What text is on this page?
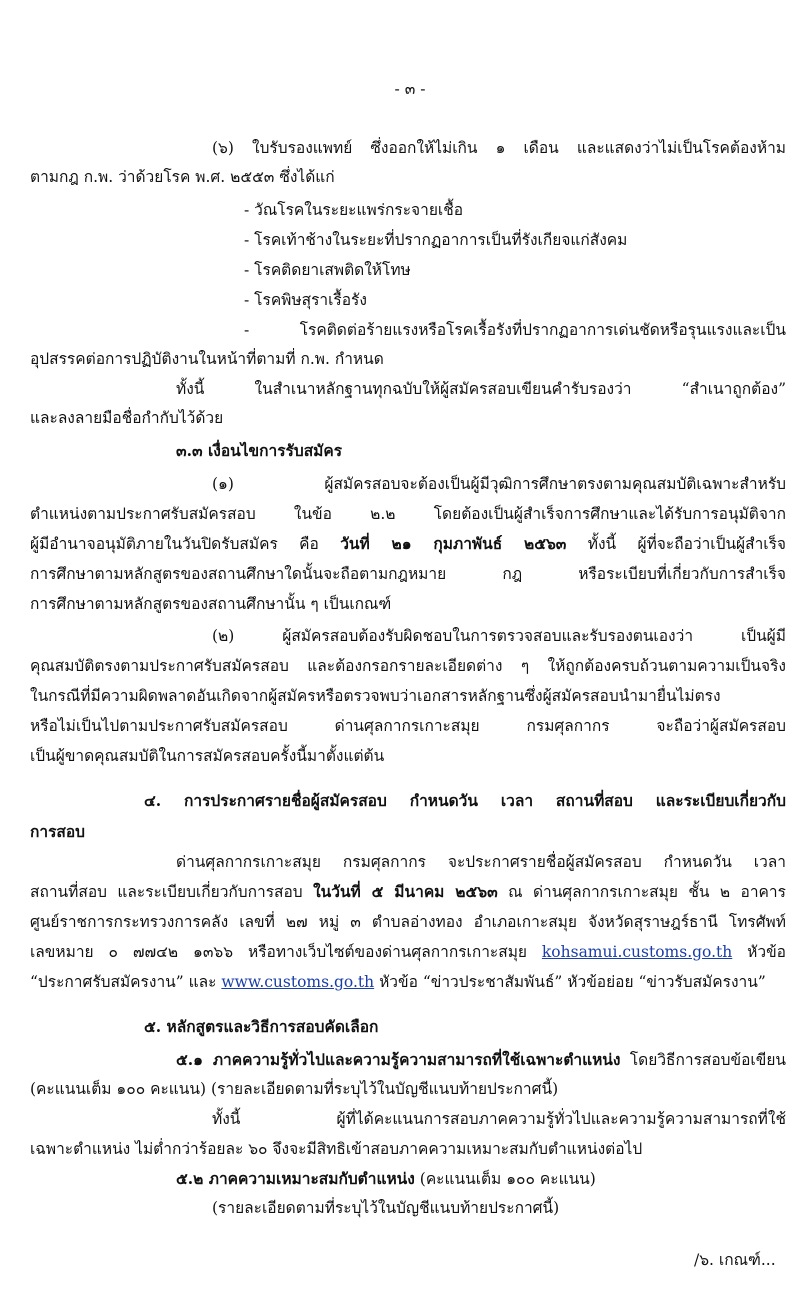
- ๓ -
(๖) ใบรับรองแพทย์ ซึ่งออกให้ไม่เกิน ๑ เดือน และแสดงว่าไม่เป็นโรคต้องห้าม
ตามกฎ ก.พ. ว่าด้วยโรค พ.ศ. ๒๕๕๓ ซึ่งได้แก่
- วัณโรคในระยะแพร่กระจายเชื้อ
- โรคเท้าช้างในระยะที่ปรากฏอาการเป็นที่รังเกียจแก่สังคม
- โรคติดยาเสพติดให้โทษ
- โรคพิษสุราเรื้อรัง
- โรคติดต่อร้ายแรงหรือโรคเรื้อรังที่ปรากฏอาการเด่นชัดหรือรุนแรงและเป็น
อุปสรรคต่อการปฏิบัติงานในหน้าที่ตามที่ ก.พ. กำหนด
ทั้งนี้ ในสำเนาหลักฐานทุกฉบับให้ผู้สมัครสอบเขียนคำรับรองว่า “สำเนาถูกต้อง”
และลงลายมือชื่อกำกับไว้ด้วย
๓.๓ เงื่อนไขการรับสมัคร
(๑) ผู้สมัครสอบจะต้องเป็นผู้มีวุฒิการศึกษาตรงตามคุณสมบัติเฉพาะสำหรับ
ตำแหน่งตามประกาศรับสมัครสอบ ในข้อ ๒.๒ โดยต้องเป็นผู้สำเร็จการศึกษาและได้รับการอนุมัติจาก
ผู้มีอำนาจอนุมัติภายในวันปิดรับสมัคร คือ วันที่ ๒๑ กุมภาพันธ์ ๒๕๖๓ ทั้งนี้ ผู้ที่จะถือว่าเป็นผู้สำเร็จ
การศึกษาตามหลักสูตรของสถานศึกษาใดนั้นจะถือตามกฎหมาย กฎ หรือระเบียบที่เกี่ยวกับการสำเร็จ
การศึกษาตามหลักสูตรของสถานศึกษานั้น ๆ เป็นเกณฑ์
(๒) ผู้สมัครสอบต้องรับผิดชอบในการตรวจสอบและรับรองตนเองว่า เป็นผู้มี
คุณสมบัติตรงตามประกาศรับสมัครสอบ และต้องกรอกรายละเอียดต่าง ๆ ให้ถูกต้องครบถ้วนตามความเป็นจริง
ในกรณีที่มีความผิดพลาดอันเกิดจากผู้สมัครหรือตรวจพบว่าเอกสารหลักฐานซึ่งผู้สมัครสอบนำมายื่นไม่ตรง
หรือไม่เป็นไปตามประกาศรับสมัครสอบ ด่านศุลกากรเกาะสมุย กรมศุลกากร จะถือว่าผู้สมัครสอบ
เป็นผู้ขาดคุณสมบัติในการสมัครสอบครั้งนี้มาตั้งแต่ต้น
๔. การประกาศรายชื่อผู้สมัครสอบ กำหนดวัน เวลา สถานที่สอบ และระเบียบเกี่ยวกับ
การสอบ
ด่านศุลกากรเกาะสมุย กรมศุลกากร จะประกาศรายชื่อผู้สมัครสอบ กำหนดวัน เวลา
สถานที่สอบ และระเบียบเกี่ยวกับการสอบ ในวันที่ ๕ มีนาคม ๒๕๖๓ ณ ด่านศุลกากรเกาะสมุย ชั้น ๒ อาคาร
ศูนย์ราชการกระทรวงการคลัง เลขที่ ๒๗ หมู่ ๓ ตำบลอ่างทอง อำเภอเกาะสมุย จังหวัดสุราษฎร์ธานี โทรศัพท์
เลขหมาย ๐ ๗๗๔๒ ๑๓๖๖ หรือทางเว็บไซต์ของด่านศุลกากรเกาะสมุย kohsamui.customs.go.th หัวข้อ
“ประกาศรับสมัครงาน” และ www.customs.go.th หัวข้อ “ข่าวประชาสัมพันธ์” หัวข้อย่อย “ข่าวรับสมัครงาน”
๕. หลักสูตรและวิธีการสอบคัดเลือก
๕.๑ ภาคความรู้ทั่วไปและความรู้ความสามารถที่ใช้เฉพาะตำแหน่ง โดยวิธีการสอบข้อเขียน
(คะแนนเต็ม ๑๐๐ คะแนน) (รายละเอียดตามที่ระบุไว้ในบัญชีแนบท้ายประกาศนี้)
ทั้งนี้ ผู้ที่ได้คะแนนการสอบภาคความรู้ทั่วไปและความรู้ความสามารถที่ใช้
เฉพาะตำแหน่ง ไม่ต่ำกว่าร้อยละ ๖๐ จึงจะมีสิทธิเข้าสอบภาคความเหมาะสมกับตำแหน่งต่อไป
๕.๒ ภาคความเหมาะสมกับตำแหน่ง (คะแนนเต็ม ๑๐๐ คะแนน)
(รายละเอียดตามที่ระบุไว้ในบัญชีแนบท้ายประกาศนี้)
/๖. เกณฑ์...
